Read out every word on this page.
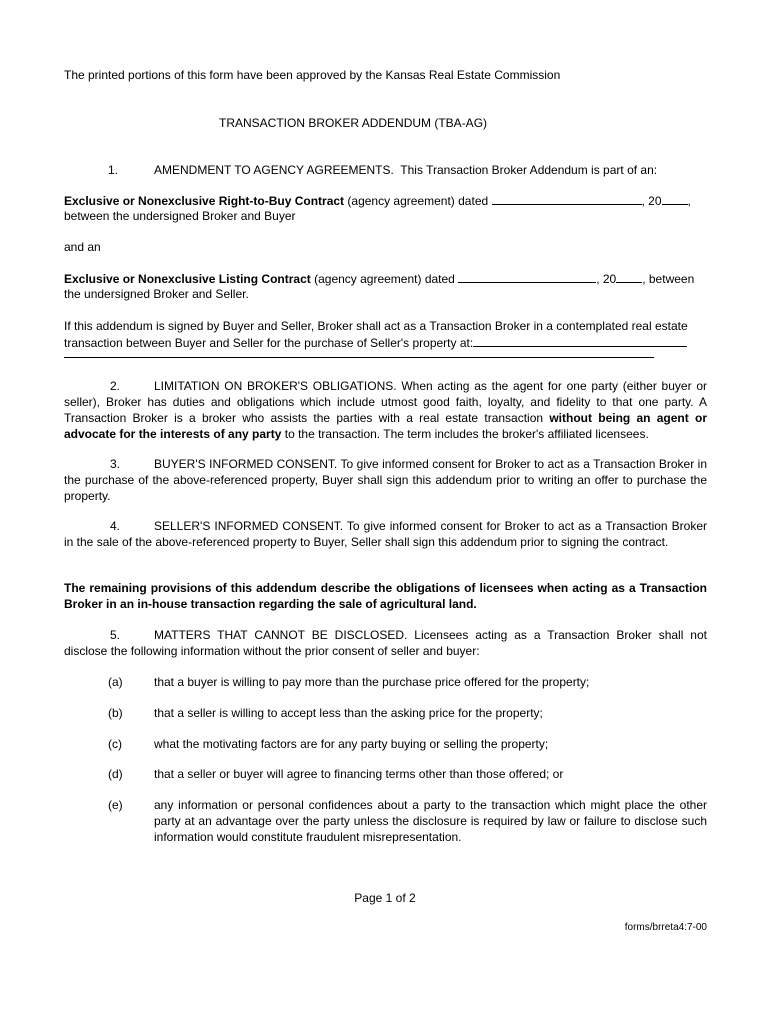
The printed portions of this form have been approved by the Kansas Real Estate Commission
TRANSACTION BROKER ADDENDUM (TBA-AG)
1.	AMENDMENT TO AGENCY AGREEMENTS. This Transaction Broker Addendum is part of an:
Exclusive or Nonexclusive Right-to-Buy Contract (agency agreement) dated	, 20 ,
between the undersigned Broker and Buyer
and an
Exclusive or Nonexclusive Listing Contract (agency agreement) dated	, 20 , between
the undersigned Broker and Seller.
If this addendum is signed by Buyer and Seller, Broker shall act as a Transaction Broker in a contemplated real estate
transaction between Buyer and Seller for the purchase of Seller's property at:
2.	LIMITATION ON BROKER'S OBLIGATIONS. When acting as the agent for one party (either buyer or seller), Broker has duties and obligations which include utmost good faith, loyalty, and fidelity to that one party. A Transaction Broker is a broker who assists the parties with a real estate transaction without being an agent or advocate for the interests of any party to the transaction. The term includes the broker's affiliated licensees.
3.	BUYER'S INFORMED CONSENT. To give informed consent for Broker to act as a Transaction Broker in the purchase of the above-referenced property, Buyer shall sign this addendum prior to writing an offer to purchase the property.
4.	SELLER'S INFORMED CONSENT. To give informed consent for Broker to act as a Transaction Broker in the sale of the above-referenced property to Buyer, Seller shall sign this addendum prior to signing the contract.
The remaining provisions of this addendum describe the obligations of licensees when acting as a Transaction Broker in an in-house transaction regarding the sale of agricultural land.
5.	MATTERS THAT CANNOT BE DISCLOSED. Licensees acting as a Transaction Broker shall not disclose the following information without the prior consent of seller and buyer:
(a)	that a buyer is willing to pay more than the purchase price offered for the property;
(b)	that a seller is willing to accept less than the asking price for the property;
(c)	what the motivating factors are for any party buying or selling the property;
(d)	that a seller or buyer will agree to financing terms other than those offered; or
(e)	any information or personal confidences about a party to the transaction which might place the other party at an advantage over the party unless the disclosure is required by law or failure to disclose such information would constitute fraudulent misrepresentation.
Page 1 of 2
forms/brreta4:7-00
